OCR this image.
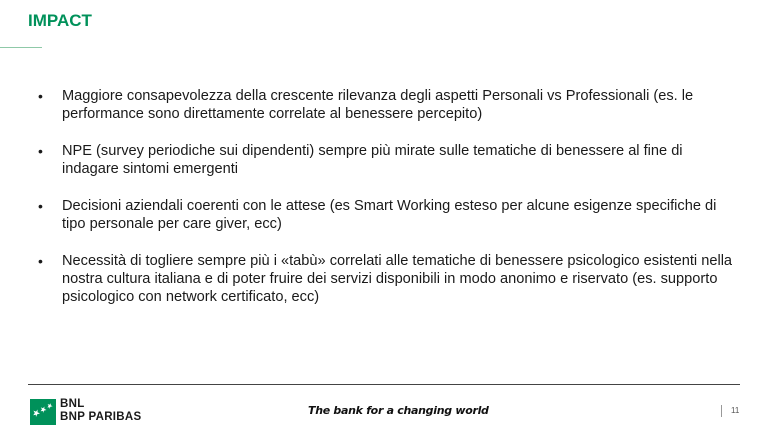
IMPACT
• Maggiore consapevolezza della crescente rilevanza degli aspetti Personali vs Professionali (es. le performance sono direttamente correlate al benessere percepito)
• NPE (survey periodiche sui dipendenti) sempre più mirate sulle tematiche di benessere al fine di indagare sintomi emergenti
• Decisioni aziendali coerenti con le attese (es Smart Working esteso per alcune esigenze specifiche di tipo personale per care giver, ecc)
• Necessità di togliere sempre più i «tabù» correlati alle tematiche di benessere psicologico esistenti nella nostra cultura italiana e di poter fruire dei servizi disponibili in modo anonimo e riservato (es. supporto psicologico con network certificato, ecc)
BNL
BNP PARIBAS	The bank for a changing world	11
